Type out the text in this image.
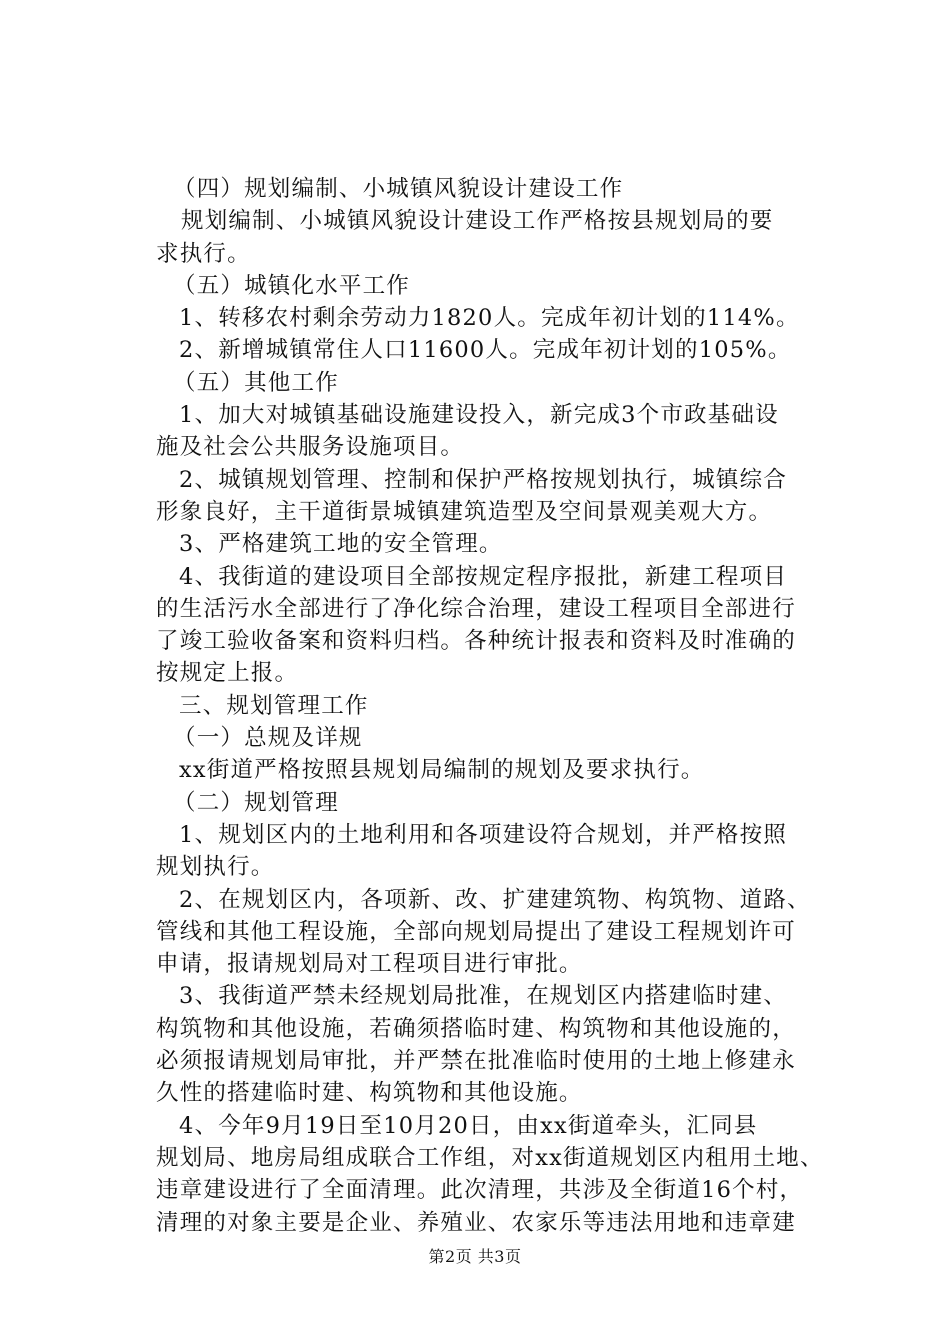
（四）规划编制、小城镇风貌设计建设工作
规划编制、小城镇风貌设计建设工作严格按县规划局的要
求执行。
（五）城镇化水平工作
1、转移农村剩余劳动力1820人。完成年初计划的114%。
2、新增城镇常住人口11600人。完成年初计划的105%。
（五）其他工作
1、加大对城镇基础设施建设投入，新完成3个市政基础设
施及社会公共服务设施项目。
2、城镇规划管理、控制和保护严格按规划执行，城镇综合
形象良好，主干道街景城镇建筑造型及空间景观美观大方。
3、严格建筑工地的安全管理。
4、我街道的建设项目全部按规定程序报批，新建工程项目
的生活污水全部进行了净化综合治理，建设工程项目全部进行
了竣工验收备案和资料归档。各种统计报表和资料及时准确的
按规定上报。
三、规划管理工作
（一）总规及详规
xx街道严格按照县规划局编制的规划及要求执行。
（二）规划管理
1、规划区内的土地利用和各项建设符合规划，并严格按照
规划执行。
2、在规划区内，各项新、改、扩建建筑物、构筑物、道路、
管线和其他工程设施，全部向规划局提出了建设工程规划许可
申请，报请规划局对工程项目进行审批。
3、我街道严禁未经规划局批准，在规划区内搭建临时建、
构筑物和其他设施，若确须搭临时建、构筑物和其他设施的，
必须报请规划局审批，并严禁在批准临时使用的土地上修建永
久性的搭建临时建、构筑物和其他设施。
4、今年9月19日至10月20日，由xx街道牵头，汇同县
规划局、地房局组成联合工作组，对xx街道规划区内租用土地、
违章建设进行了全面清理。此次清理，共涉及全街道16个村，
清理的对象主要是企业、养殖业、农家乐等违法用地和违章建
第2页 共3页
